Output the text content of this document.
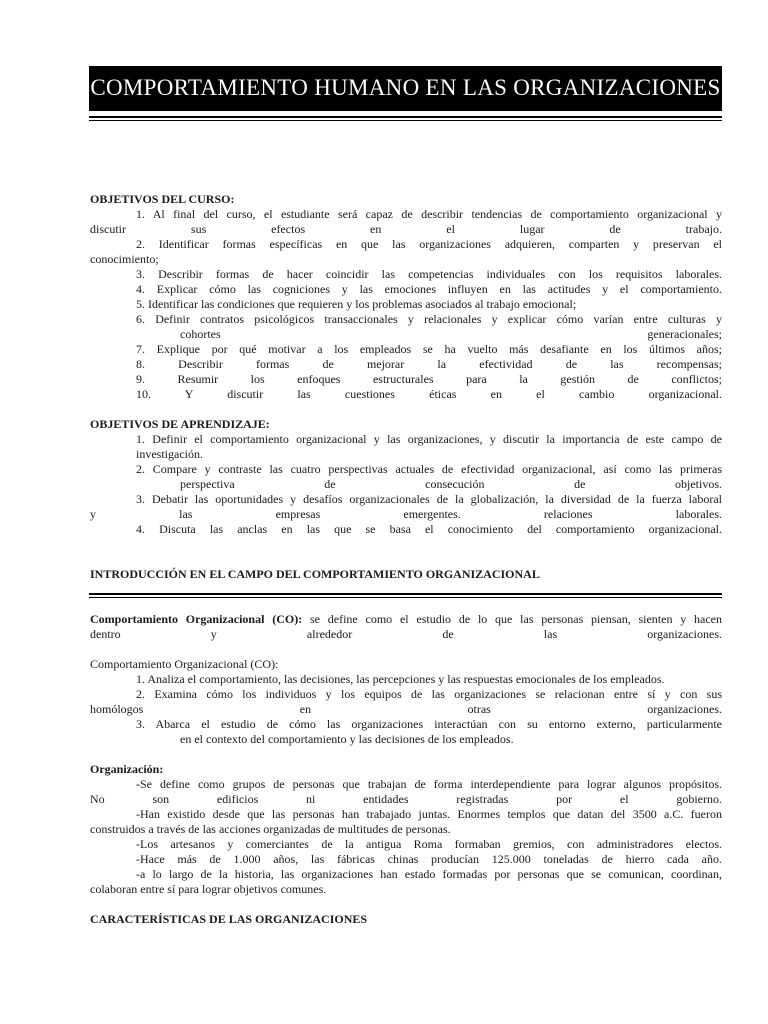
COMPORTAMIENTO HUMANO EN LAS ORGANIZACIONES

OBJETIVOS DEL CURSO:

1. Al final del curso, el estudiante será capaz de describir tendencias de comportamiento organizacional y

discutir sus efectos en el lugar de trabajo.

2. Identificar formas específicas en que las organizaciones adquieren, comparten y preservan el

conocimiento;

3. Describir formas de hacer coincidir las competencias individuales con los requisitos laborales.

4. Explicar cómo las cogniciones y las emociones influyen en las actitudes y el comportamiento.

5. Identificar las condiciones que requieren y los problemas asociados al trabajo emocional;

6. Definir contratos psicológicos transaccionales y relacionales y explicar cómo varían entre culturas y

cohortes generacionales;

7. Explique por qué motivar a los empleados se ha vuelto más desafiante en los últimos años;

8. Describir formas de mejorar la efectividad de las recompensas;

9. Resumir los enfoques estructurales para la gestión de conflictos;

10. Y discutir las cuestiones éticas en el cambio organizacional.

OBJETIVOS DE APRENDIZAJE:

1. Definir el comportamiento organizacional y las organizaciones, y discutir la importancia de este campo de

investigación.

2. Compare y contraste las cuatro perspectivas actuales de efectividad organizacional, así como las primeras

perspectiva de consecución de objetivos.

3. Debatir las oportunidades y desafíos organizacionales de la globalización, la diversidad de la fuerza laboral

y las empresas emergentes. relaciones laborales.

4. Discuta las anclas en las que se basa el conocimiento del comportamiento organizacional.

INTRODUCCIÓN EN EL CAMPO DEL COMPORTAMIENTO ORGANIZACIONAL

Comportamiento Organizacional (CO): se define como el estudio de lo que las personas piensan, sienten y hacen

dentro y alrededor de las organizaciones.

Comportamiento Organizacional (CO):

1. Analiza el comportamiento, las decisiones, las percepciones y las respuestas emocionales de los empleados.

2. Examina cómo los individuos y los equipos de las organizaciones se relacionan entre sí y con sus

homólogos en otras organizaciones.

3. Abarca el estudio de cómo las organizaciones interactúan con su entorno externo, particularmente

en el contexto del comportamiento y las decisiones de los empleados.

Organización:

-Se define como grupos de personas que trabajan de forma interdependiente para lograr algunos propósitos.

No son edificios ni entidades registradas por el gobierno.

-Han existido desde que las personas han trabajado juntas. Enormes templos que datan del 3500 a.C. fueron

construidos a través de las acciones organizadas de multitudes de personas.

-Los artesanos y comerciantes de la antigua Roma formaban gremios, con administradores electos.

-Hace más de 1.000 años, las fábricas chinas producían 125.000 toneladas de hierro cada año.

-a lo largo de la historia, las organizaciones han estado formadas por personas que se comunican, coordinan,

colaboran entre sí para lograr objetivos comunes.

CARACTERÍSTICAS DE LAS ORGANIZACIONES
